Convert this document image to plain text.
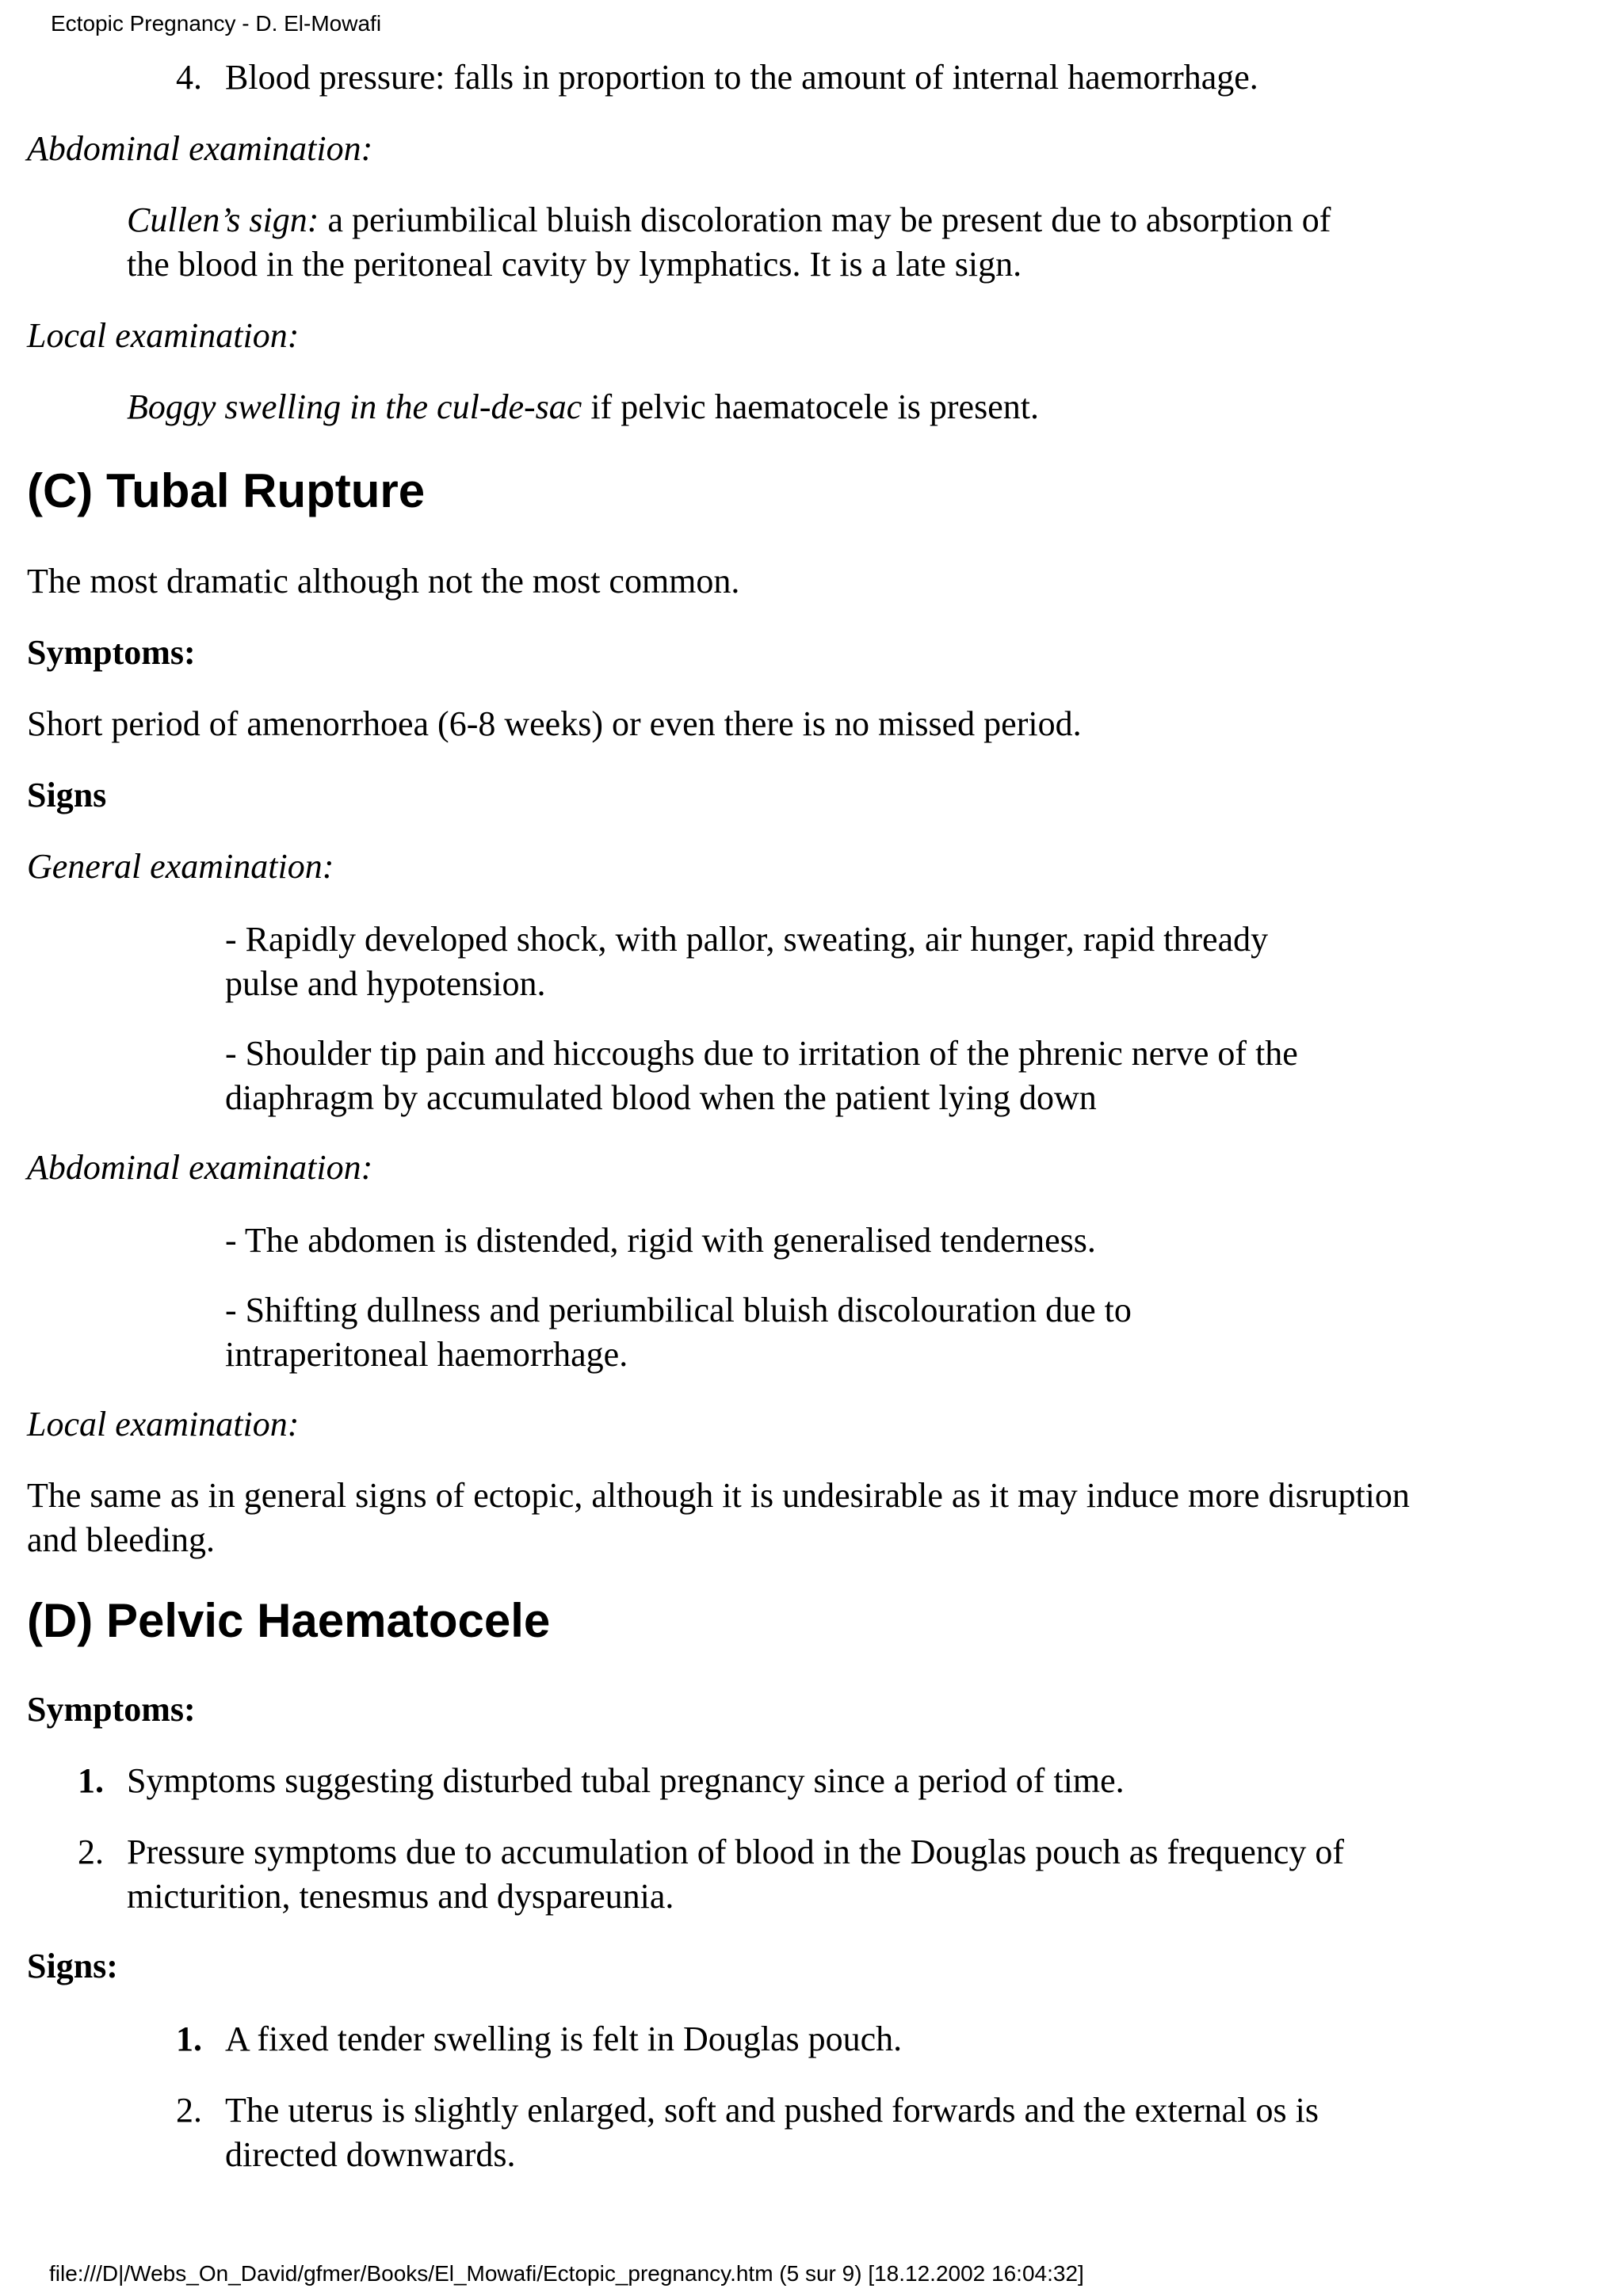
Ectopic Pregnancy - D. El-Mowafi
4. Blood pressure: falls in proportion to the amount of internal haemorrhage.

Abdominal examination:

Cullen’s sign: a periumbilical bluish discoloration may be present due to absorption of

the blood in the peritoneal cavity by lymphatics. It is a late sign.

Local examination:

Boggy swelling in the cul-de-sac if pelvic haematocele is present.

(C) Tubal Rupture

The most dramatic although not the most common.

Symptoms:

Short period of amenorrhoea (6-8 weeks) or even there is no missed period.

Signs

General examination:

- Rapidly developed shock, with pallor, sweating, air hunger, rapid thready

pulse and hypotension.

- Shoulder tip pain and hiccoughs due to irritation of the phrenic nerve of the

diaphragm by accumulated blood when the patient lying down

Abdominal examination:

- The abdomen is distended, rigid with generalised tenderness.

- Shifting dullness and periumbilical bluish discolouration due to

intraperitoneal haemorrhage.

Local examination:

The same as in general signs of ectopic, although it is undesirable as it may induce more disruption

and bleeding.

(D) Pelvic Haematocele

Symptoms:

1. Symptoms suggesting disturbed tubal pregnancy since a period of time.

2. Pressure symptoms due to accumulation of blood in the Douglas pouch as frequency of

micturition, tenesmus and dyspareunia.

Signs:

1. A fixed tender swelling is felt in Douglas pouch.

2. The uterus is slightly enlarged, soft and pushed forwards and the external os is

directed downwards.

file:///D|/Webs_On_David/gfmer/Books/El_Mowafi/Ectopic_pregnancy.htm (5 sur 9) [18.12.2002 16:04:32]
